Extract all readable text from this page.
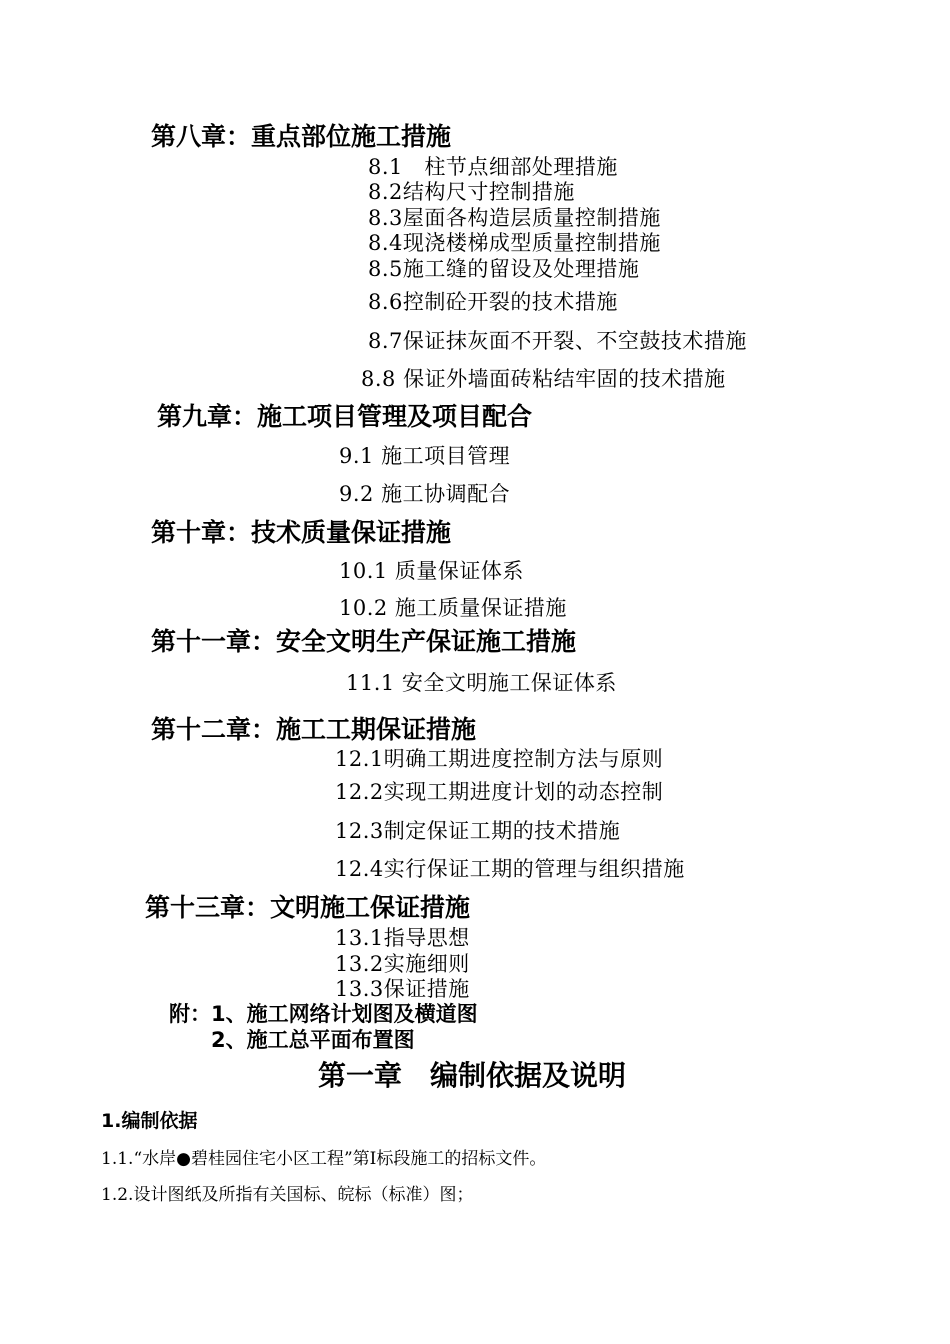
第八章：重点部位施工措施
8.1　柱节点细部处理措施
8.2结构尺寸控制措施
8.3屋面各构造层质量控制措施
8.4现浇楼梯成型质量控制措施
8.5施工缝的留设及处理措施
8.6控制砼开裂的技术措施
8.7保证抹灰面不开裂、不空鼓技术措施
8.8 保证外墙面砖粘结牢固的技术措施
第九章：施工项目管理及项目配合
9.1 施工项目管理
9.2 施工协调配合
第十章：技术质量保证措施
10.1 质量保证体系
10.2 施工质量保证措施
第十一章：安全文明生产保证施工措施
11.1 安全文明施工保证体系
第十二章：施工工期保证措施
12.1明确工期进度控制方法与原则
12.2实现工期进度计划的动态控制
12.3制定保证工期的技术措施
12.4实行保证工期的管理与组织措施
第十三章：文明施工保证措施
13.1指导思想
13.2实施细则
13.3保证措施
附：1、施工网络计划图及横道图
2、施工总平面布置图
第一章　编制依据及说明
1.编制依据
1.1.“水岸●碧桂园住宅小区工程”第Ⅰ标段施工的招标文件。
1.2.设计图纸及所指有关国标、皖标（标准）图；
